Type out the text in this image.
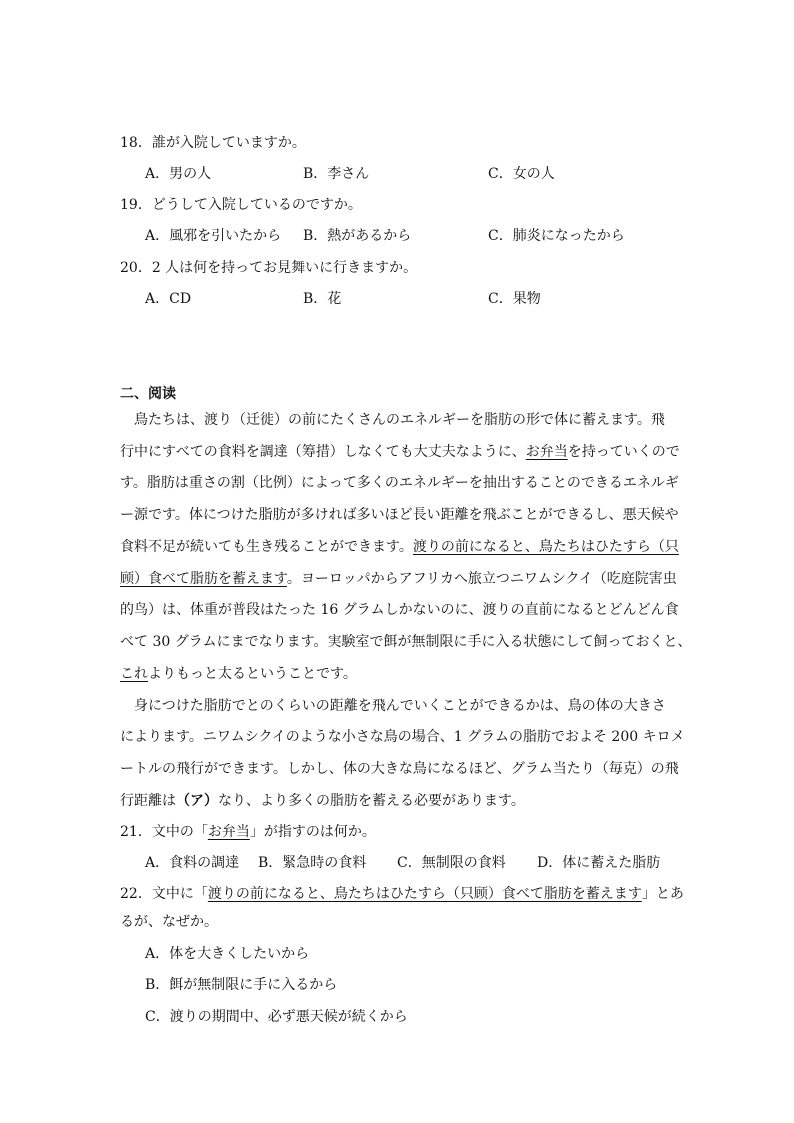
18．誰が入院していますか。
A．男の人	B．李さん	C．女の人
19．どうして入院しているのですか。
A．風邪を引いたから B．熱があるから	C．肺炎になったから
20．2 人は何を持ってお見舞いに行きますか。
A．CD	B．花	C．果物
二、阅读
　鳥たちは、渡り（迁徙）の前にたくさんのエネルギーを脂肪の形で体に蓄えます。飛
行中にすべての食料を調達（筹措）しなくても大丈夫なように、お弁当を持っていくので
す。脂肪は重さの割（比例）によって多くのエネルギーを抽出することのできるエネルギ
ー源です。体につけた脂肪が多ければ多いほど長い距離を飛ぶことができるし、悪天候や
食料不足が続いても生き残ることができます。渡りの前になると、鳥たちはひたすら（只
顾）食べて脂肪を蓄えます。ヨーロッパからアフリカへ旅立つニワムシクイ（吃庭院害虫
的鸟）は、体重が普段はたった 16 グラムしかないのに、渡りの直前になるとどんどん食
べて 30 グラムにまでなります。実験室で餌が無制限に手に入る状態にして飼っておくと、
これよりもっと太るということです。
　身につけた脂肪でとのくらいの距離を飛んでいくことができるかは、鳥の体の大きさ
によります。ニワムシクイのような小さな鳥の場合、1 グラムの脂肪でおよそ 200 キロメ
ートルの飛行ができます。しかし、体の大きな鳥になるほど、グラム当たり（毎克）の飛
行距離は（ア）なり、より多くの脂肪を蓄える必要があります。
21．文中の「お弁当」が指すのは何か。
A．食料の調達 B．緊急時の食料 C．無制限の食料 D．体に蓄えた脂肪
22．文中に「渡りの前になると、鳥たちはひたすら（只顾）食べて脂肪を蓄えます」とあ
るが、なぜか。
A．体を大きくしたいから
B．餌が無制限に手に入るから
C．渡りの期間中、必ず悪天候が続くから
